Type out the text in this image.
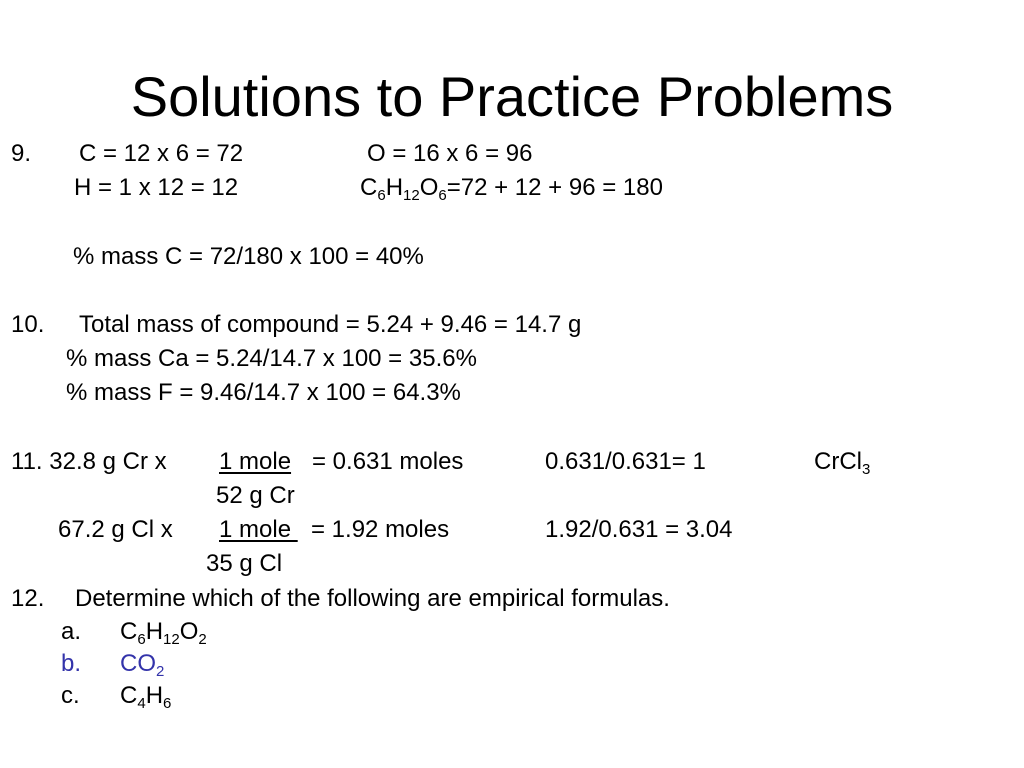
Solutions to Practice Problems
9. C = 12 x 6 = 72	O = 16 x 6 = 96
H = 1 x 12 = 12	$C_6H_{12}O_6=72 + 12 + 96 = 180$
% mass C = 72/180 x 100 = 40%
10. Total mass of compound = 5.24 + 9.46 = 14.7 g
% mass Ca = 5.24/14.7 x 100 = 35.6%
% mass F = 9.46/14.7 x 100 = 64.3%
11. 32.8 g Cr x 1 mole = 0.631 moles	0.631/0.631= 1	CrCl$_3$
52 g Cr
67.2 g Cl x 1 mole = 1.92 moles	1.92/0.631 = 3.04
35 g Cl
12. Determine which of the following are empirical formulas.
a. $C_6H_{12}O_2$
b. $CO_2$
c. $C_4H_6$
